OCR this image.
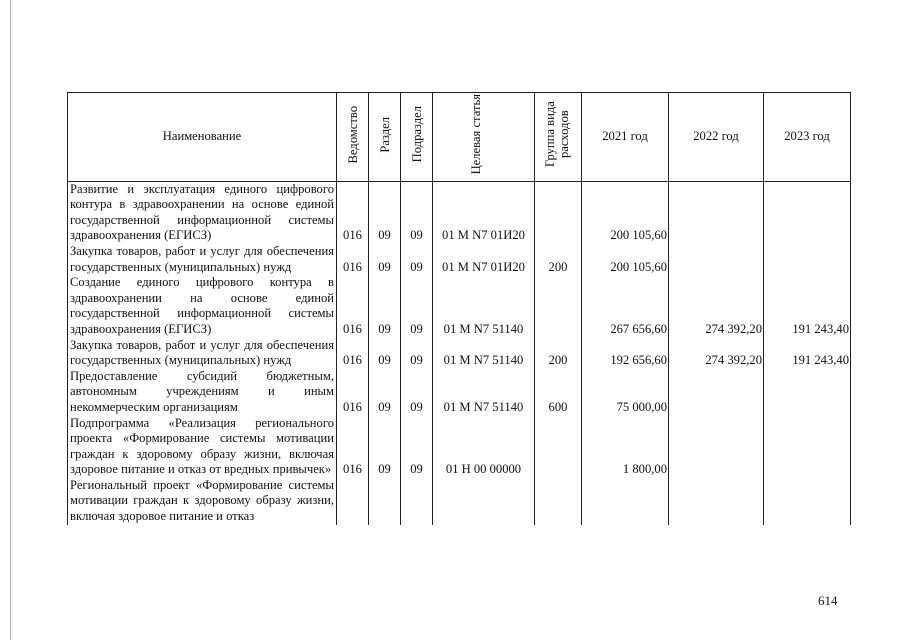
Наименование	Ведомство	Раздел	Подраздел	Целевая статья	Группа вида расходов	2021 год	2022 год	2023 год
Развитие и эксплуатация единого цифрового контура в здравоохранении на основе единой государственной информационной системы здравоохранения (ЕГИСЗ)	016	09	09	01 М N7 01И20		200 105,60		
Закупка товаров, работ и услуг для обеспечения государственных (муниципальных) нужд	016	09	09	01 М N7 01И20	200	200 105,60		
Создание единого цифрового контура в здравоохранении на основе единой государственной информационной системы здравоохранения (ЕГИСЗ)	016	09	09	01 М N7 51140		267 656,60	274 392,20	191 243,40
Закупка товаров, работ и услуг для обеспечения государственных (муниципальных) нужд	016	09	09	01 М N7 51140	200	192 656,60	274 392,20	191 243,40
Предоставление субсидий бюджетным, автономным учреждениям и иным некоммерческим организациям	016	09	09	01 М N7 51140	600	75 000,00		
Подпрограмма «Реализация регионального проекта «Формирование системы мотивации граждан к здоровому образу жизни, включая здоровое питание и отказ от вредных привычек»	016	09	09	01 Н 00 00000		1 800,00		
Региональный проект «Формирование системы мотивации граждан к здоровому образу жизни, включая здоровое питание и отказ								
614
